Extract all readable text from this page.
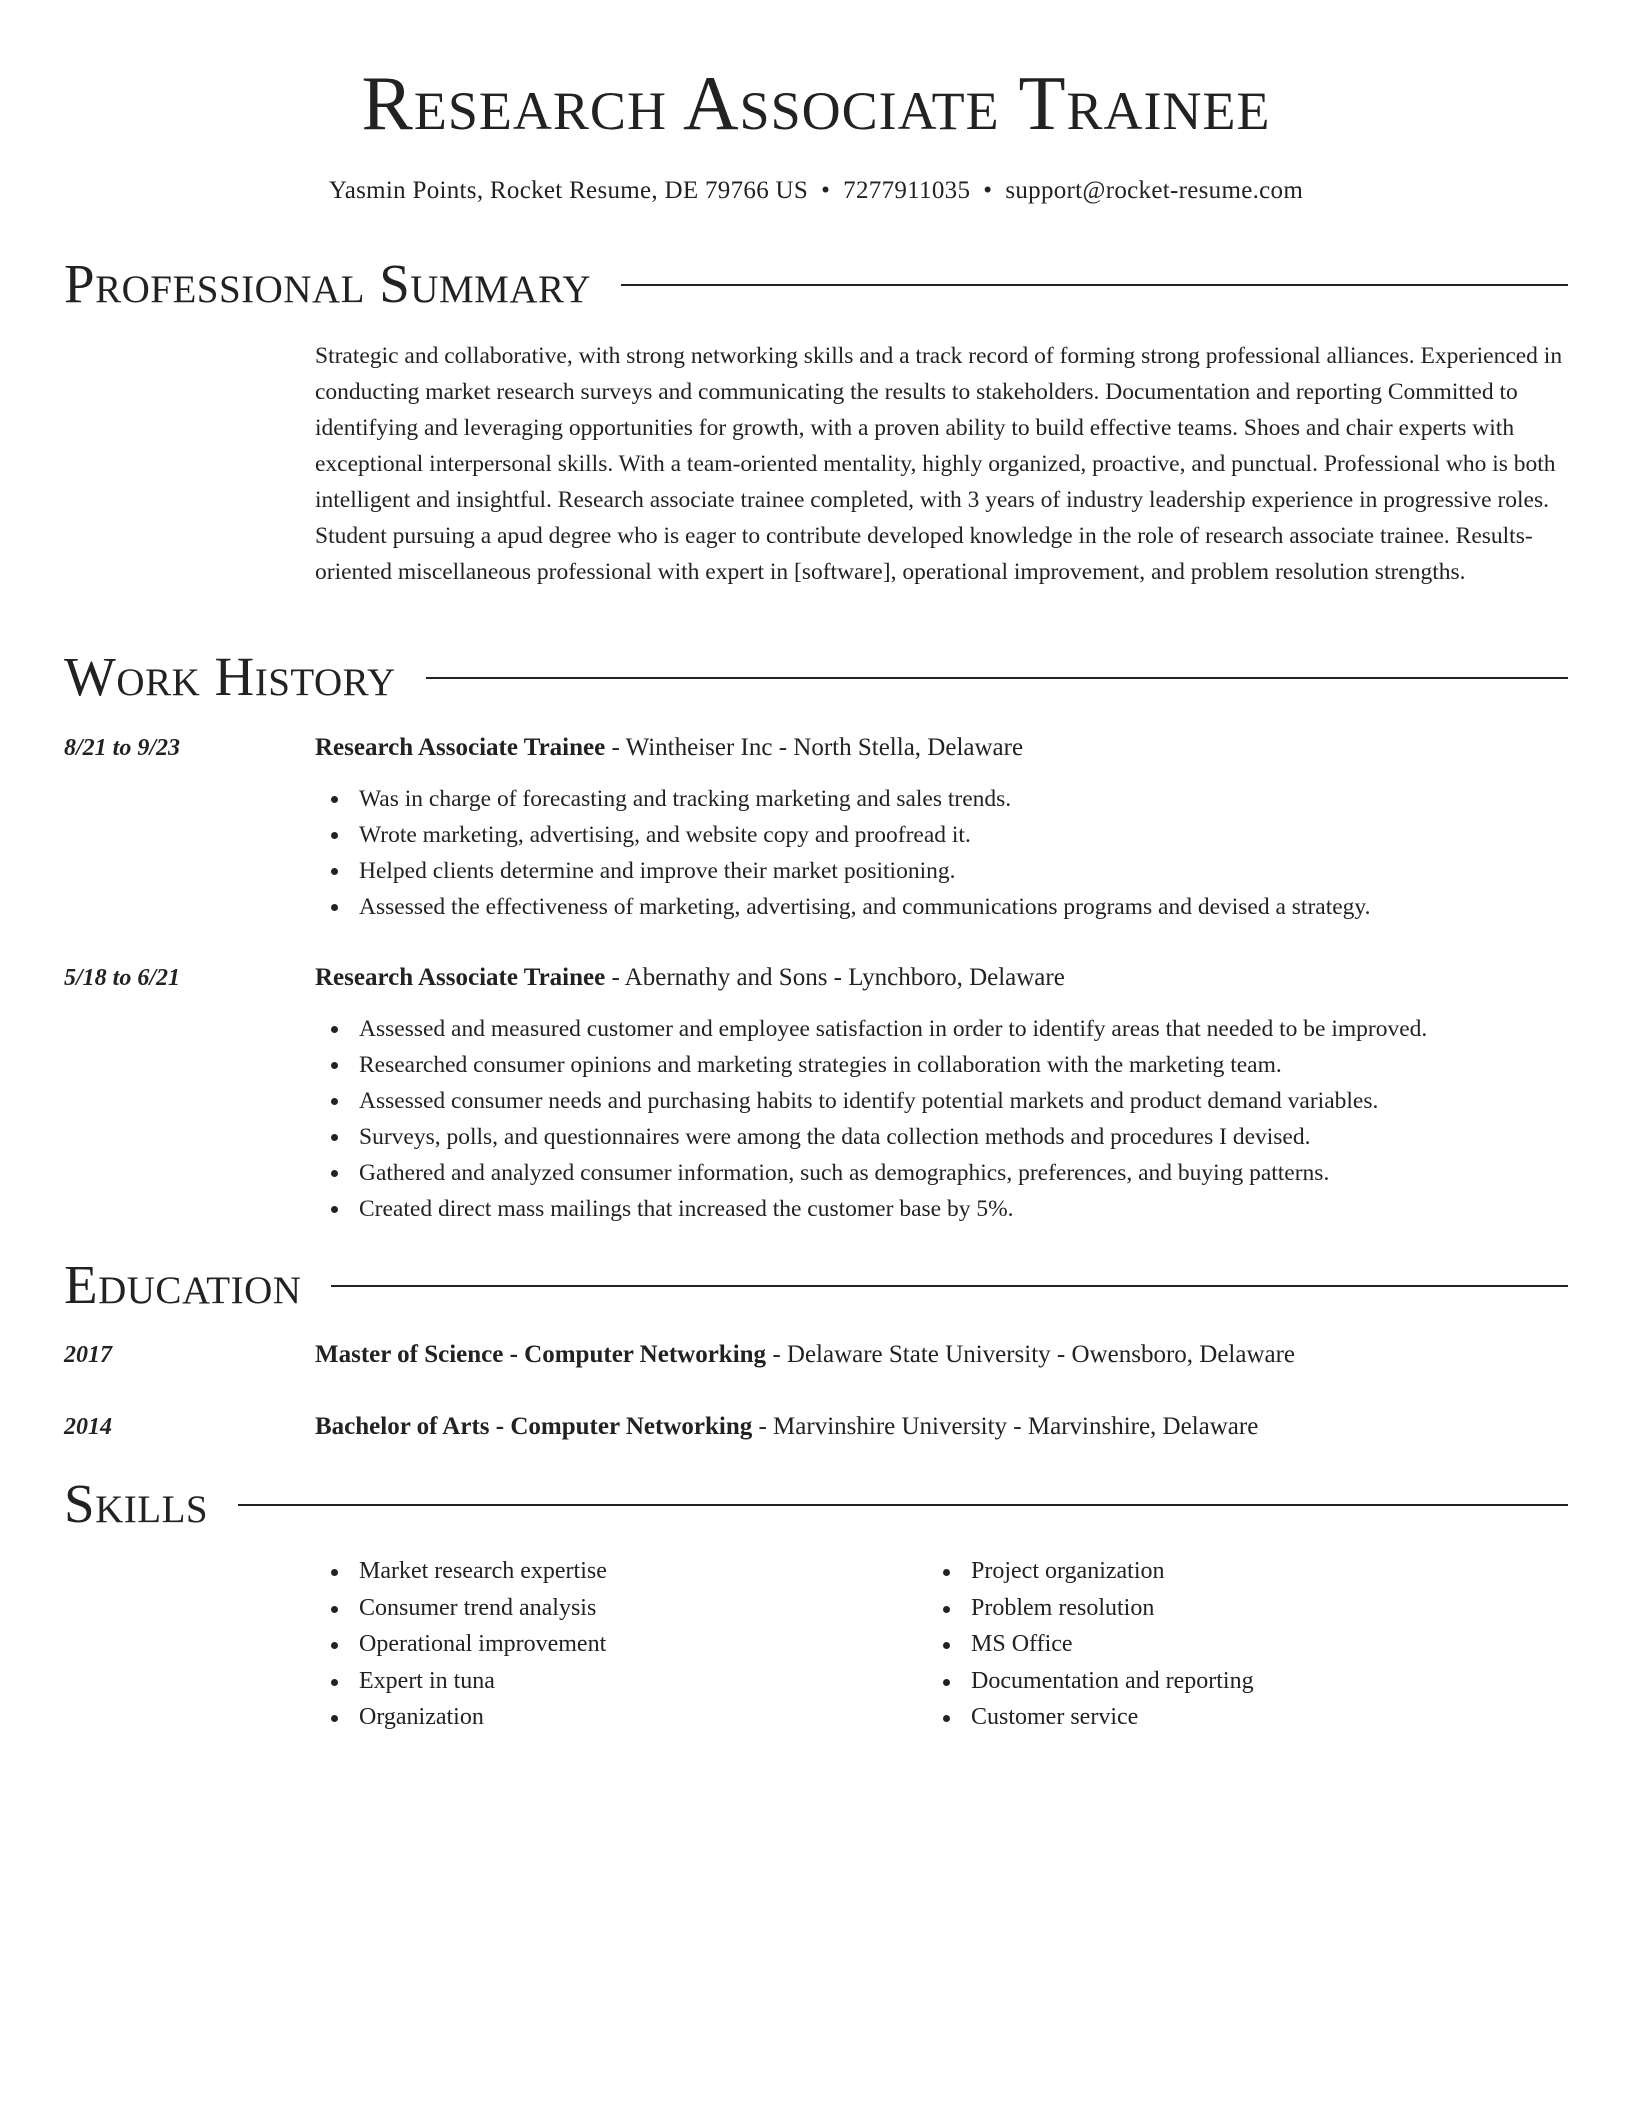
Research Associate Trainee
Yasmin Points, Rocket Resume, DE 79766 US • 7277911035 • support@rocket-resume.com
Professional Summary

Strategic and collaborative, with strong networking skills and a track record of forming strong professional alliances. Experienced in conducting market research surveys and communicating the results to stakeholders. Documentation and reporting Committed to identifying and leveraging opportunities for growth, with a proven ability to build effective teams. Shoes and chair experts with exceptional interpersonal skills. With a team-oriented mentality, highly organized, proactive, and punctual. Professional who is both intelligent and insightful. Research associate trainee completed, with 3 years of industry leadership experience in progressive roles. Student pursuing a apud degree who is eager to contribute developed knowledge in the role of research associate trainee. Results-oriented miscellaneous professional with expert in [software], operational improvement, and problem resolution strengths.

Work History
8/21 to 9/23	Research Associate Trainee - Wintheiser Inc - North Stella, Delaware
Was in charge of forecasting and tracking marketing and sales trends.
Wrote marketing, advertising, and website copy and proofread it.
Helped clients determine and improve their market positioning.
Assessed the effectiveness of marketing, advertising, and communications programs and devised a strategy.
5/18 to 6/21	Research Associate Trainee - Abernathy and Sons - Lynchboro, Delaware
Assessed and measured customer and employee satisfaction in order to identify areas that needed to be improved.
Researched consumer opinions and marketing strategies in collaboration with the marketing team.
Assessed consumer needs and purchasing habits to identify potential markets and product demand variables.
Surveys, polls, and questionnaires were among the data collection methods and procedures I devised.
Gathered and analyzed consumer information, such as demographics, preferences, and buying patterns.
Created direct mass mailings that increased the customer base by 5%.
Education
2017	Master of Science - Computer Networking - Delaware State University - Owensboro, Delaware
2014	Bachelor of Arts - Computer Networking - Marvinshire University - Marvinshire, Delaware
Skills
Market research expertise
Consumer trend analysis
Operational improvement
Expert in tuna
Organization
Project organization
Problem resolution
MS Office
Documentation and reporting
Customer service
